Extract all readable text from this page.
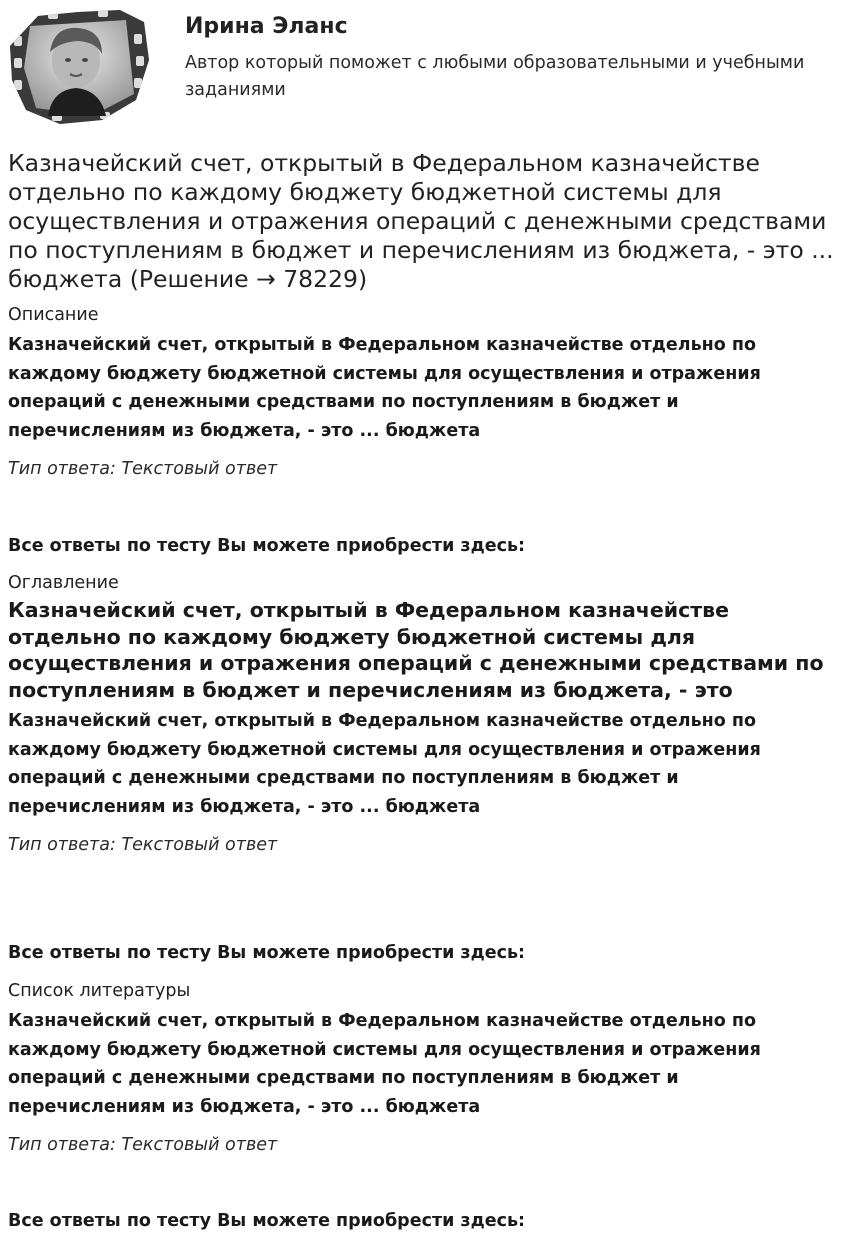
Ирина Эланс
Автор который поможет с любыми образовательными и учебными заданиями
Казначейский счет, открытый в Федеральном казначействе отдельно по каждому бюджету бюджетной системы для осуществления и отражения операций с денежными средствами по поступлениям в бюджет и перечислениям из бюджета, - это ... бюджета (Решение → 78229)
Описание
Казначейский счет, открытый в Федеральном казначействе отдельно по каждому бюджету бюджетной системы для осуществления и отражения операций с денежными средствами по поступлениям в бюджет и перечислениям из бюджета, - это ... бюджета
Тип ответа: Текстовый ответ
Все ответы по тесту Вы можете приобрести здесь:
Оглавление
Казначейский счет, открытый в Федеральном казначействе отдельно по каждому бюджету бюджетной системы для осуществления и отражения операций с денежными средствами по поступлениям в бюджет и перечислениям из бюджета, - это
Казначейский счет, открытый в Федеральном казначействе отдельно по каждому бюджету бюджетной системы для осуществления и отражения операций с денежными средствами по поступлениям в бюджет и перечислениям из бюджета, - это ... бюджета
Тип ответа: Текстовый ответ
Все ответы по тесту Вы можете приобрести здесь:
Список литературы
Казначейский счет, открытый в Федеральном казначействе отдельно по каждому бюджету бюджетной системы для осуществления и отражения операций с денежными средствами по поступлениям в бюджет и перечислениям из бюджета, - это ... бюджета
Тип ответа: Текстовый ответ
Все ответы по тесту Вы можете приобрести здесь:
